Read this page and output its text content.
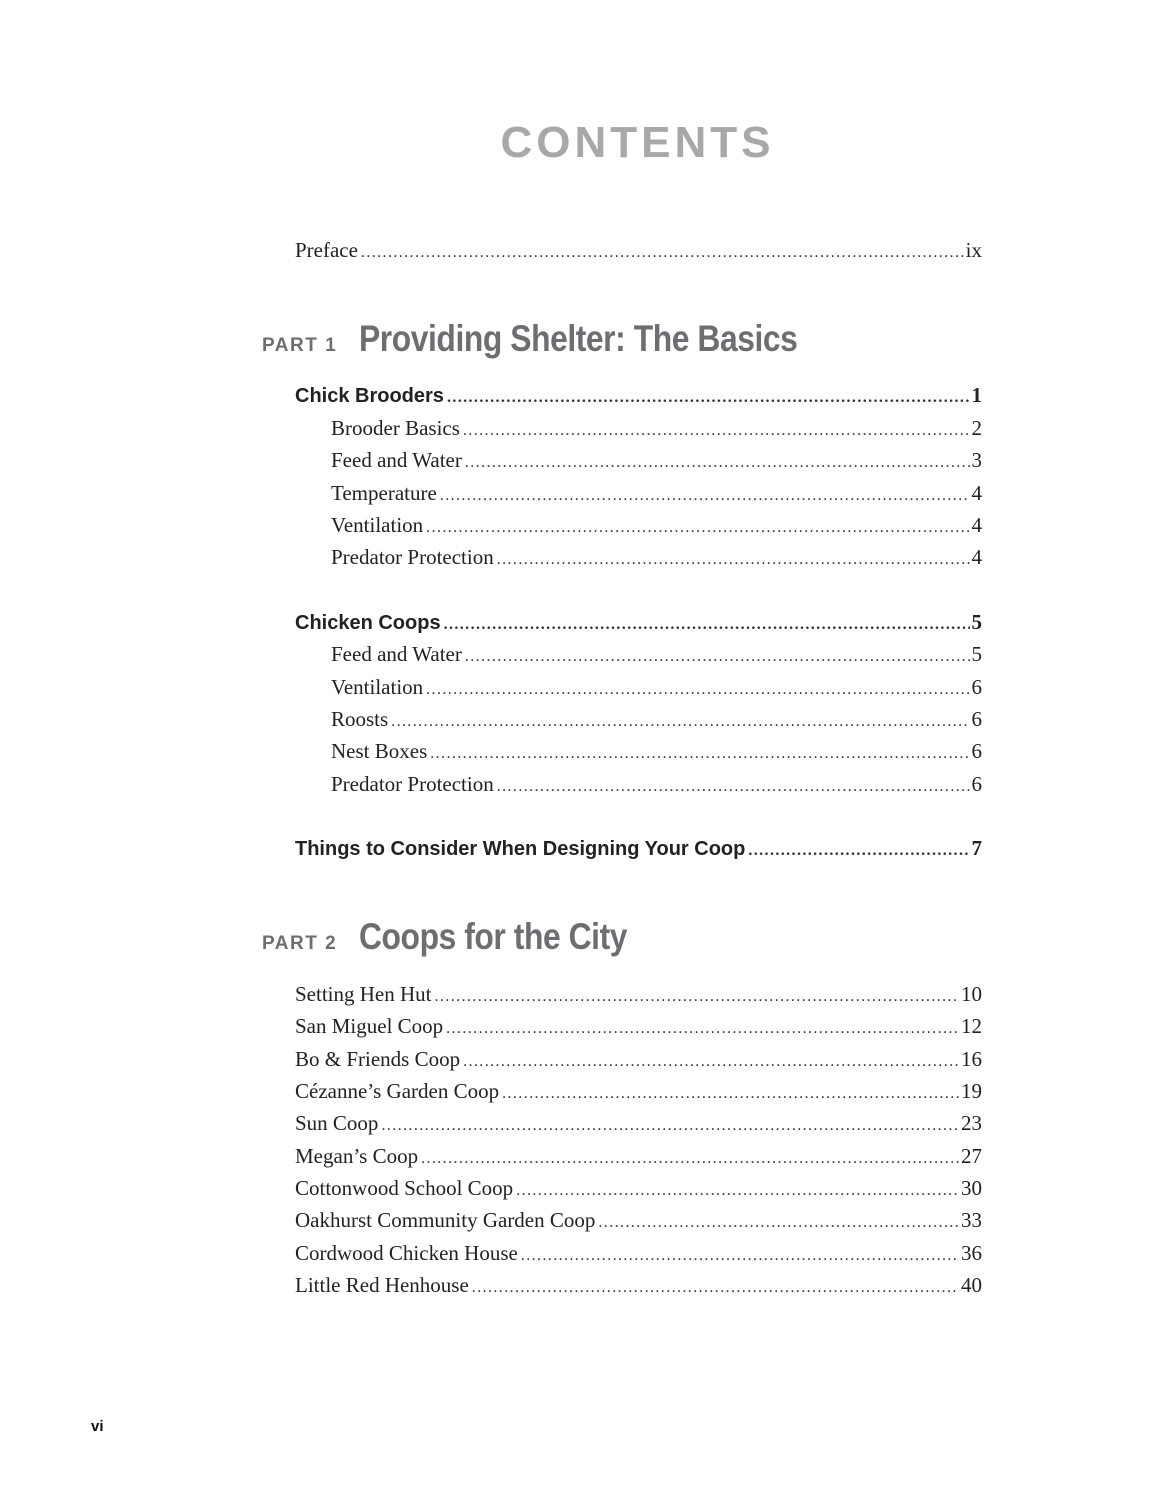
CONTENTS
Preface .....	ix
PART 1 Providing Shelter: The Basics
Chick Brooders .....	1
Brooder Basics .....	2
Feed and Water .....	3
Temperature .....	4
Ventilation .....	4
Predator Protection .....	4
Chicken Coops .....	5
Feed and Water .....	5
Ventilation .....	6
Roosts .....	6
Nest Boxes .....	6
Predator Protection .....	6
Things to Consider When Designing Your Coop .....	7
PART 2 Coops for the City
Setting Hen Hut .....	10
San Miguel Coop .....	12
Bo & Friends Coop .....	16
Cézanne’s Garden Coop .....	19
Sun Coop .....	23
Megan’s Coop .....	27
Cottonwood School Coop .....	30
Oakhurst Community Garden Coop .....	33
Cordwood Chicken House .....	36
Little Red Henhouse .....	40
vi
